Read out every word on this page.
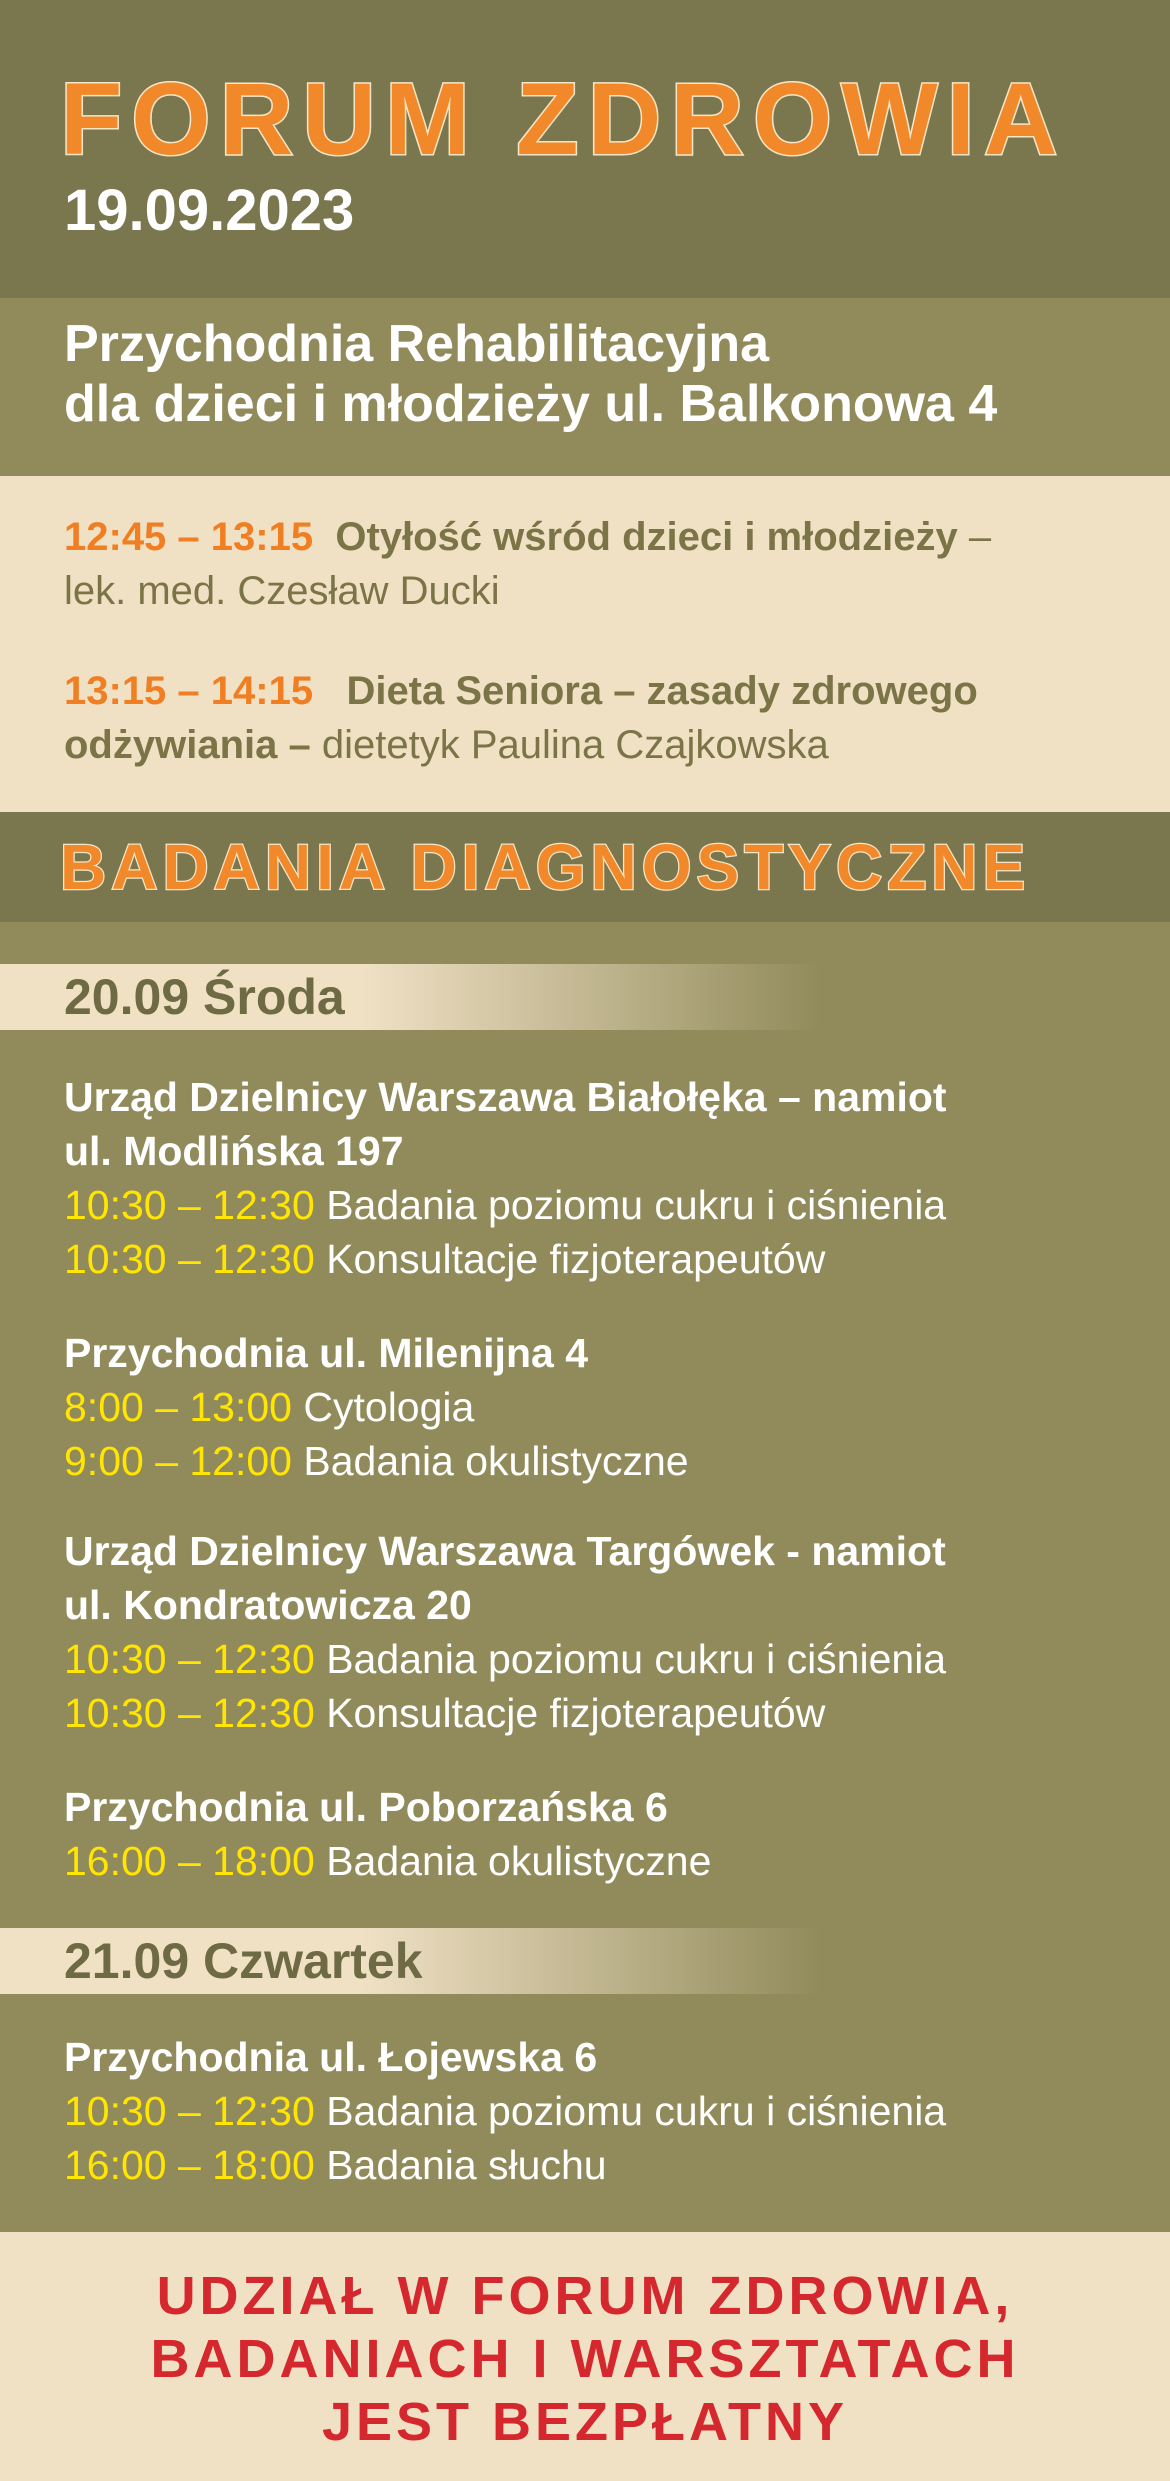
FORUM ZDROWIA
19.09.2023
Przychodnia Rehabilitacyjna
dla dzieci i młodzieży ul. Balkonowa 4
12:45 – 13:15 Otyłość wśród dzieci i młodzieży –
lek. med. Czesław Ducki
13:15 – 14:15 Dieta Seniora – zasady zdrowego
odżywiania – dietetyk Paulina Czajkowska
BADANIA DIAGNOSTYCZNE
20.09 Środa
Urząd Dzielnicy Warszawa Białołęka – namiot
ul. Modlińska 197
10:30 – 12:30 Badania poziomu cukru i ciśnienia
10:30 – 12:30 Konsultacje fizjoterapeutów
Przychodnia ul. Milenijna 4
8:00 – 13:00 Cytologia
9:00 – 12:00 Badania okulistyczne
Urząd Dzielnicy Warszawa Targówek - namiot
ul. Kondratowicza 20
10:30 – 12:30 Badania poziomu cukru i ciśnienia
10:30 – 12:30 Konsultacje fizjoterapeutów
Przychodnia ul. Poborzańska 6
16:00 – 18:00 Badania okulistyczne
21.09 Czwartek
Przychodnia ul. Łojewska 6
10:30 – 12:30 Badania poziomu cukru i ciśnienia
16:00 – 18:00 Badania słuchu
UDZIAŁ W FORUM ZDROWIA,
BADANIACH I WARSZTATACH
JEST BEZPŁATNY
